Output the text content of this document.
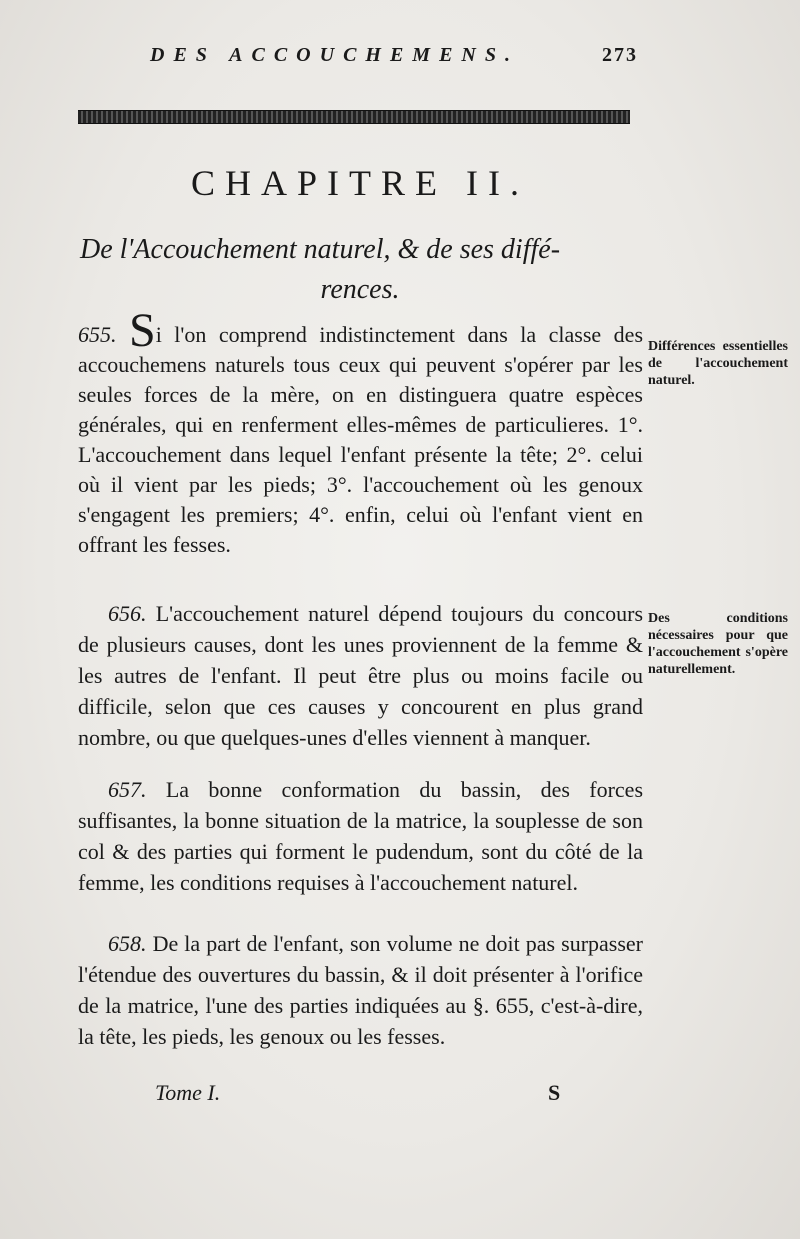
DES ACCOUCHEMENS.	273
CHAPITRE II.
De l'Accouchement naturel, & de ses diffé-
rences.
655. Si l'on comprend indistinctement dans la classe des accouchemens naturels tous ceux qui peuvent s'opérer par les seules forces de la mère, on en distinguera quatre espèces générales, qui en renferment elles-mêmes de particulieres. 1°. L'accouchement dans lequel l'enfant présente la tête; 2°. celui où il vient par les pieds; 3°. l'accouchement où les genoux s'engagent les premiers; 4°. enfin, celui où l'enfant vient en offrant les fesses.
Différences essentielles de l'accouchement naturel.
656. L'accouchement naturel dépend toujours du concours de plusieurs causes, dont les unes proviennent de la femme & les autres de l'enfant. Il peut être plus ou moins facile ou difficile, selon que ces causes y concourent en plus grand nombre, ou que quelques-unes d'elles viennent à manquer.
Des conditions nécessaires pour que l'accouchement s'opère naturellement.
657. La bonne conformation du bassin, des forces suffisantes, la bonne situation de la matrice, la souplesse de son col & des parties qui forment le pudendum, sont du côté de la femme, les conditions requises à l'accouchement naturel.
658. De la part de l'enfant, son volume ne doit pas surpasser l'étendue des ouvertures du bassin, & il doit présenter à l'orifice de la matrice, l'une des parties indiquées au §. 655, c'est-à-dire, la tête, les pieds, les genoux ou les fesses.
Tome I.	S
